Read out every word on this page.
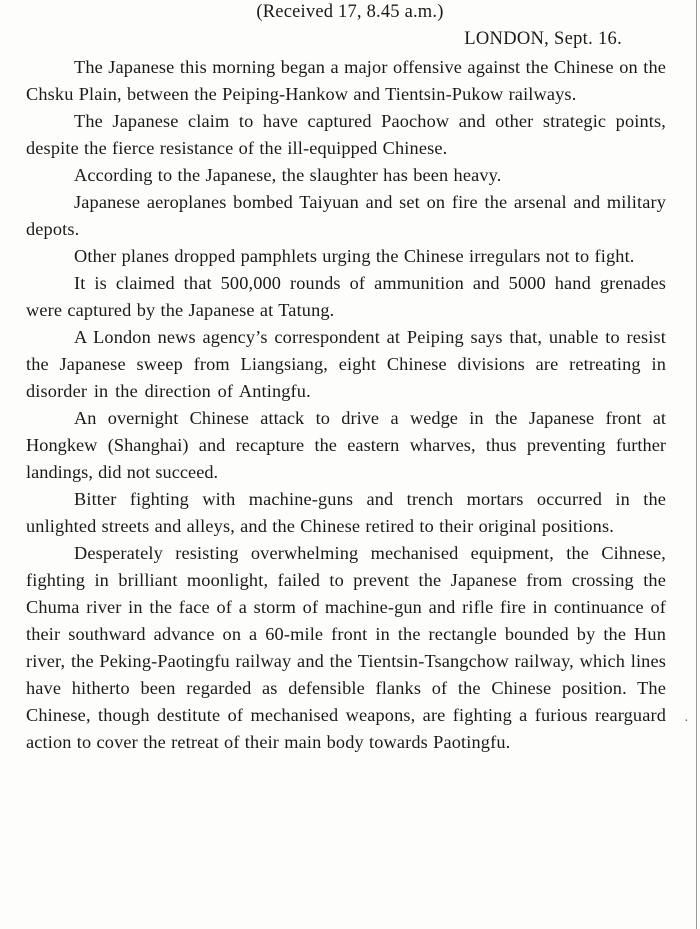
(Received 17, 8.45 a.m.)
LONDON, Sept. 16.

The Japanese this morning began a major offensive against the Chinese on the Chsku Plain, between the Peiping-Hankow and Tientsin-Pukow railways.

The Japanese claim to have captured Paochow and other strategic points, despite the fierce resistance of the ill-equipped Chinese.

According to the Japanese, the slaughter has been heavy.

Japanese aeroplanes bombed Taiyuan and set on fire the arsenal and military depots.

Other planes dropped pamphlets urging the Chinese irregulars not to fight.

It is claimed that 500,000 rounds of ammunition and 5000 hand grenades were captured by the Japanese at Tatung.

A London news agency’s correspondent at Peiping says that, unable to resist the Japanese sweep from Liangsiang, eight Chinese divisions are retreating in disorder in the direction of Antingfu.

An overnight Chinese attack to drive a wedge in the Japanese front at Hongkew (Shanghai) and recapture the eastern wharves, thus preventing further landings, did not succeed.

Bitter fighting with machine-guns and trench mortars occurred in the unlighted streets and alleys, and the Chinese retired to their original positions.

Desperately resisting overwhelming mechanised equipment, the Cihnese, fighting in brilliant moonlight, failed to prevent the Japanese from crossing the Chuma river in the face of a storm of machine-gun and rifle fire in continuance of their southward advance on a 60-mile front in the rectangle bounded by the Hun river, the Peking-Paotingfu railway and the Tientsin-Tsangchow railway, which lines have hitherto been regarded as defensible flanks of the Chinese position. The Chinese, though destitute of mechanised weapons, are fighting a furious rearguard action to cover the retreat of their main body towards Paotingfu.

·
